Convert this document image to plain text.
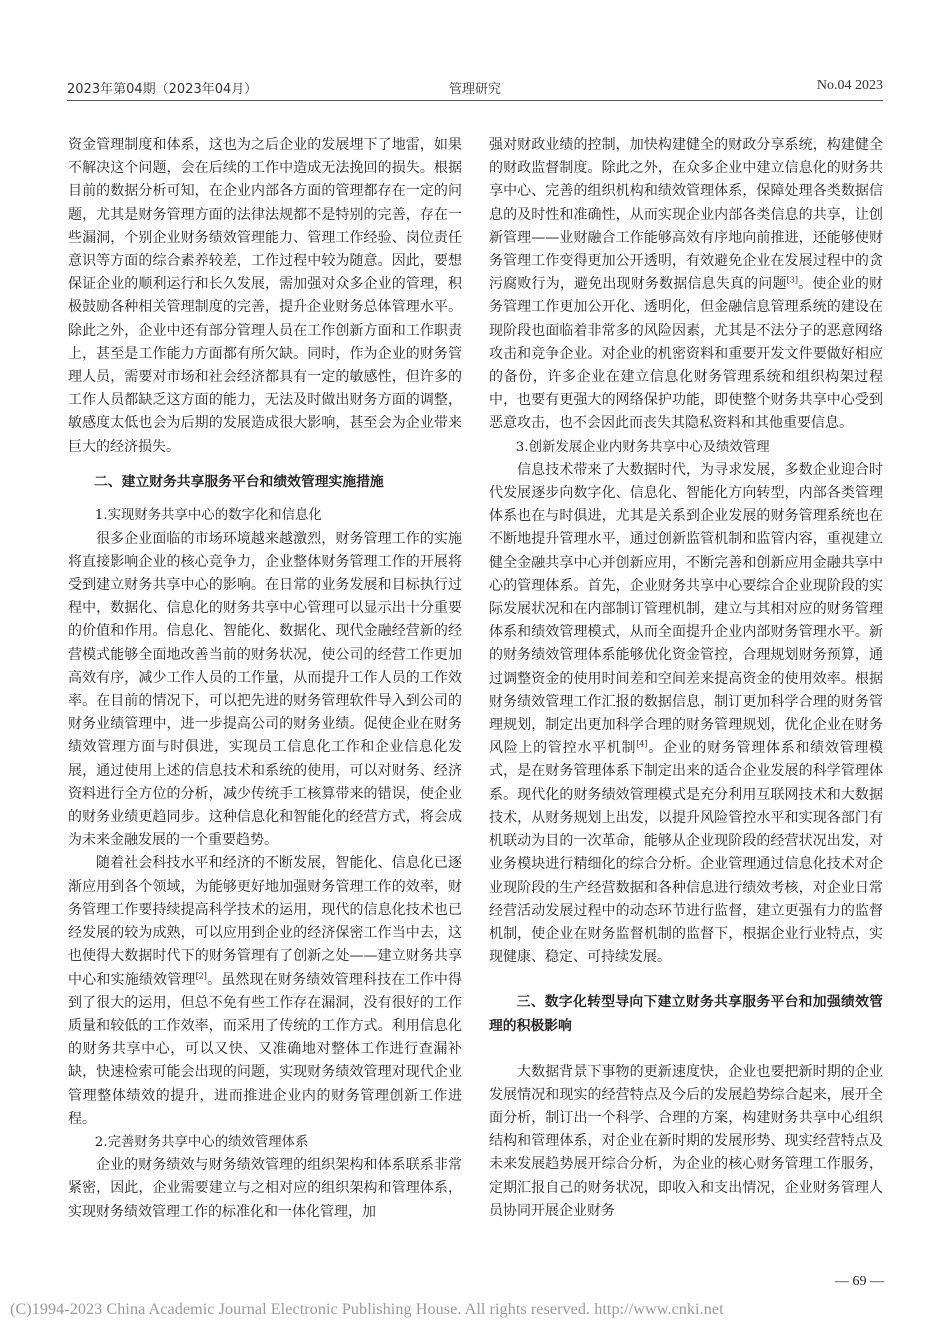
2023年第04期（2023年04月）	管理研究	No.04 2023

资金管理制度和体系，这也为之后企业的发展埋下了地雷，如果不解决这个问题，会在后续的工作中造成无法挽回的损失。根据目前的数据分析可知，在企业内部各方面的管理都存在一定的问题，尤其是财务管理方面的法律法规都不是特别的完善，存在一些漏洞，个别企业财务绩效管理能力、管理工作经验、岗位责任意识等方面的综合素养较差，工作过程中较为随意。因此，要想保证企业的顺利运行和长久发展，需加强对众多企业的管理，积极鼓励各种相关管理制度的完善，提升企业财务总体管理水平。除此之外，企业中还有部分管理人员在工作创新方面和工作职责上，甚至是工作能力方面都有所欠缺。同时，作为企业的财务管理人员，需要对市场和社会经济都具有一定的敏感性，但许多的工作人员都缺乏这方面的能力，无法及时做出财务方面的调整，敏感度太低也会为后期的发展造成很大影响，甚至会为企业带来巨大的经济损失。

二、建立财务共享服务平台和绩效管理实施措施

1.实现财务共享中心的数字化和信息化

很多企业面临的市场环境越来越激烈，财务管理工作的实施将直接影响企业的核心竞争力，企业整体财务管理工作的开展将受到建立财务共享中心的影响。在日常的业务发展和目标执行过程中，数据化、信息化的财务共享中心管理可以显示出十分重要的价值和作用。信息化、智能化、数据化、现代金融经营新的经营模式能够全面地改善当前的财务状况，使公司的经营工作更加高效有序，减少工作人员的工作量，从而提升工作人员的工作效率。在目前的情况下，可以把先进的财务管理软件导入到公司的财务业绩管理中，进一步提高公司的财务业绩。促使企业在财务绩效管理方面与时俱进，实现员工信息化工作和企业信息化发展，通过使用上述的信息技术和系统的使用，可以对财务、经济资料进行全方位的分析，减少传统手工核算带来的错误，使企业的财务业绩更趋同步。这种信息化和智能化的经营方式，将会成为未来金融发展的一个重要趋势。

随着社会科技水平和经济的不断发展，智能化、信息化已逐渐应用到各个领域，为能够更好地加强财务管理工作的效率，财务管理工作要持续提高科学技术的运用，现代的信息化技术也已经发展的较为成熟，可以应用到企业的经济保密工作当中去，这也使得大数据时代下的财务管理有了创新之处——建立财务共享中心和实施绩效管理[2]。虽然现在财务绩效管理科技在工作中得到了很大的运用，但总不免有些工作存在漏洞，没有很好的工作质量和较低的工作效率，而采用了传统的工作方式。利用信息化的财务共享中心，可以又快、又准确地对整体工作进行查漏补缺，快速检索可能会出现的问题，实现财务绩效管理对现代企业管理整体绩效的提升，进而推进企业内的财务管理创新工作进程。

2.完善财务共享中心的绩效管理体系

企业的财务绩效与财务绩效管理的组织架构和体系联系非常紧密，因此，企业需要建立与之相对应的组织架构和管理体系，实现财务绩效管理工作的标准化和一体化管理，加

强对财政业绩的控制，加快构建健全的财政分享系统，构建健全的财政监督制度。除此之外，在众多企业中建立信息化的财务共享中心、完善的组织机构和绩效管理体系，保障处理各类数据信息的及时性和准确性，从而实现企业内部各类信息的共享，让创新管理——业财融合工作能够高效有序地向前推进，还能够使财务管理工作变得更加公开透明，有效避免企业在发展过程中的贪污腐败行为，避免出现财务数据信息失真的问题[3]。使企业的财务管理工作更加公开化、透明化，但金融信息管理系统的建设在现阶段也面临着非常多的风险因素，尤其是不法分子的恶意网络攻击和竞争企业。对企业的机密资料和重要开发文件要做好相应的备份，许多企业在建立信息化财务管理系统和组织构架过程中，也要有更强大的网络保护功能，即使整个财务共享中心受到恶意攻击，也不会因此而丧失其隐私资料和其他重要信息。

3.创新发展企业内财务共享中心及绩效管理

信息技术带来了大数据时代，为寻求发展，多数企业迎合时代发展逐步向数字化、信息化、智能化方向转型，内部各类管理体系也在与时俱进，尤其是关系到企业发展的财务管理系统也在不断地提升管理水平，通过创新监管机制和监管内容，重视建立健全金融共享中心并创新应用，不断完善和创新应用金融共享中心的管理体系。首先，企业财务共享中心要综合企业现阶段的实际发展状况和在内部制订管理机制，建立与其相对应的财务管理体系和绩效管理模式，从而全面提升企业内部财务管理水平。新的财务绩效管理体系能够优化资金管控，合理规划财务预算，通过调整资金的使用时间差和空间差来提高资金的使用效率。根据财务绩效管理工作汇报的数据信息，制订更加科学合理的财务管理规划，制定出更加科学合理的财务管理规划，优化企业在财务风险上的管控水平机制[4]。企业的财务管理体系和绩效管理模式，是在财务管理体系下制定出来的适合企业发展的科学管理体系。现代化的财务绩效管理模式是充分利用互联网技术和大数据技术，从财务规划上出发，以提升风险管控水平和实现各部门有机联动为目的一次革命，能够从企业现阶段的经营状况出发，对业务模块进行精细化的综合分析。企业管理通过信息化技术对企业现阶段的生产经营数据和各种信息进行绩效考核，对企业日常经营活动发展过程中的动态环节进行监督，建立更强有力的监督机制，使企业在财务监督机制的监督下，根据企业行业特点，实现健康、稳定、可持续发展。

三、数字化转型导向下建立财务共享服务平台和加强绩效管理的积极影响

大数据背景下事物的更新速度快，企业也要把新时期的企业发展情况和现实的经营特点及今后的发展趋势综合起来，展开全面分析，制订出一个科学、合理的方案，构建财务共享中心组织结构和管理体系，对企业在新时期的发展形势、现实经营特点及未来发展趋势展开综合分析，为企业的核心财务管理工作服务，定期汇报自己的财务状况，即收入和支出情况，企业财务管理人员协同开展企业财务

— 69 —
(C)1994-2023 China Academic Journal Electronic Publishing House. All rights reserved. http://www.cnki.net
